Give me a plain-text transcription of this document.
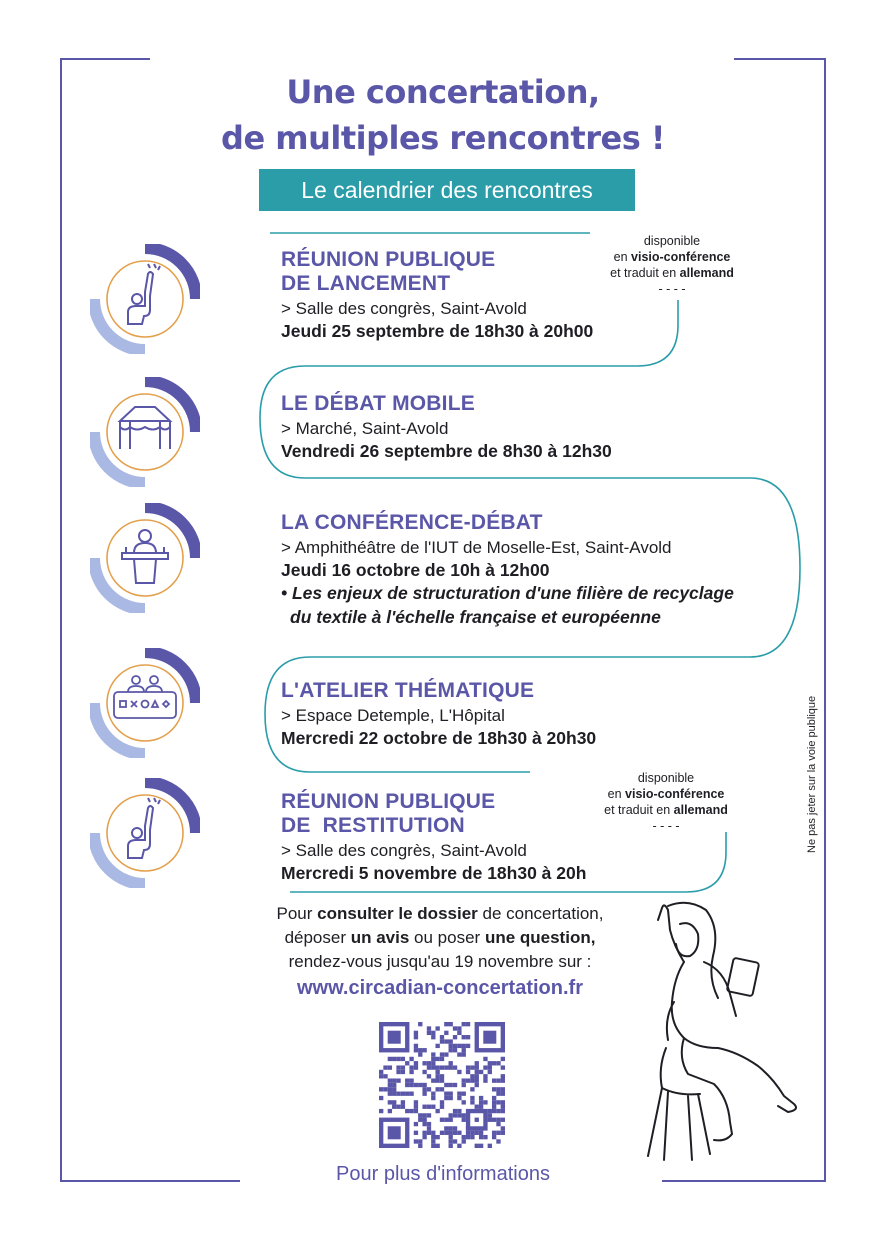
Une concertation,
de multiples rencontres !
Le calendrier des rencontres
disponible
en visio-conférence
et traduit en allemand
- - - -
disponible
en visio-conférence
et traduit en allemand
- - - -
RÉUNION PUBLIQUE
DE LANCEMENT
> Salle des congrès, Saint-Avold
Jeudi 25 septembre de 18h30 à 20h00
LE DÉBAT MOBILE
> Marché, Saint-Avold
Vendredi 26 septembre de 8h30 à 12h30
LA CONFÉRENCE-DÉBAT
> Amphithéâtre de l'IUT de Moselle-Est, Saint-Avold
Jeudi 16 octobre de 10h à 12h00
• Les enjeux de structuration d'une filière de recyclage
du textile à l'échelle française et européenne
L'ATELIER THÉMATIQUE
> Espace Detemple, L'Hôpital
Mercredi 22 octobre de 18h30 à 20h30
RÉUNION PUBLIQUE
DE  RESTITUTION
> Salle des congrès, Saint-Avold
Mercredi 5 novembre de 18h30 à 20h
Ne pas jeter sur la voie publique
Pour consulter le dossier de concertation,
déposer un avis ou poser une question,
rendez-vous jusqu'au 19 novembre sur :
www.circadian-concertation.fr
Pour plus d'informations
